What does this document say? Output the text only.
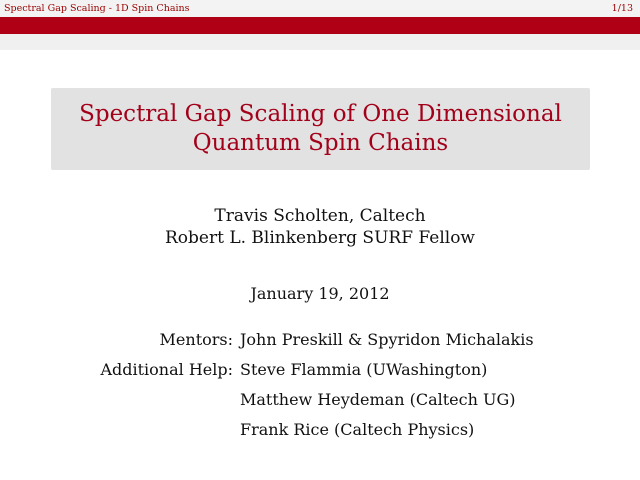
Spectral Gap Scaling - 1D Spin Chains	1/13
Spectral Gap Scaling of One Dimensional
Quantum Spin Chains
Travis Scholten, Caltech
Robert L. Blinkenberg SURF Fellow
January 19, 2012
Mentors: John Preskill & Spyridon Michalakis
Additional Help: Steve Flammia (UWashington)
Matthew Heydeman (Caltech UG)
Frank Rice (Caltech Physics)
